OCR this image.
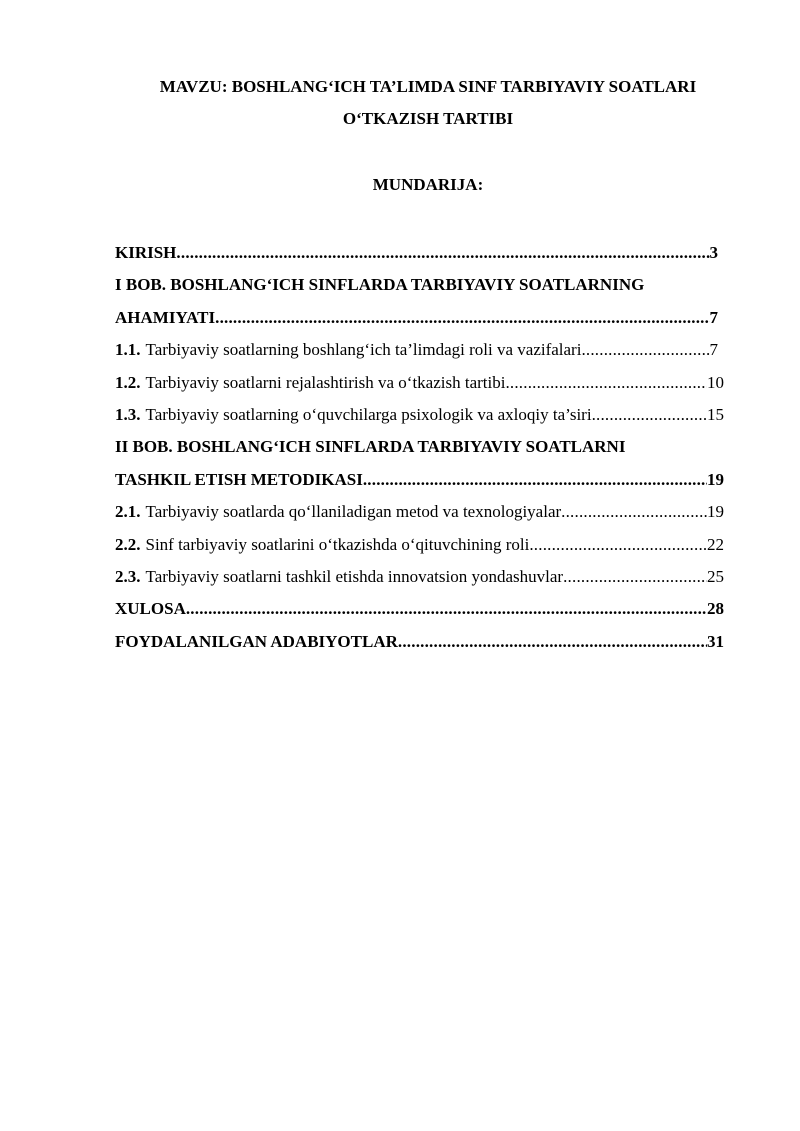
MAVZU: BOSHLANG‘ICH TA’LIMDA SINF TARBIYAVIY SOATLARI
O‘TKAZISH TARTIBI
MUNDARIJA:
KIRISH .....	3
I BOB. BOSHLANG‘ICH SINFLARDA TARBIYAVIY SOATLARNING
AHAMIYATI .....	7
1.1. Tarbiyaviy soatlarning boshlang‘ich ta’limdagi roli va vazifalari .....	7
1.2. Tarbiyaviy soatlarni rejalashtirish va o‘tkazish tartibi .....	10
1.3. Tarbiyaviy soatlarning o‘quvchilarga psixologik va axloqiy ta’siri .....	15
II BOB. BOSHLANG‘ICH SINFLARDA TARBIYAVIY SOATLARNI
TASHKIL ETISH METODIKASI .....	19
2.1. Tarbiyaviy soatlarda qo‘llaniladigan metod va texnologiyalar .....	19
2.2. Sinf tarbiyaviy soatlarini o‘tkazishda o‘qituvchining roli .....	22
2.3. Tarbiyaviy soatlarni tashkil etishda innovatsion yondashuvlar .....	25
XULOSA .....	28
FOYDALANILGAN ADABIYOTLAR .....	31
